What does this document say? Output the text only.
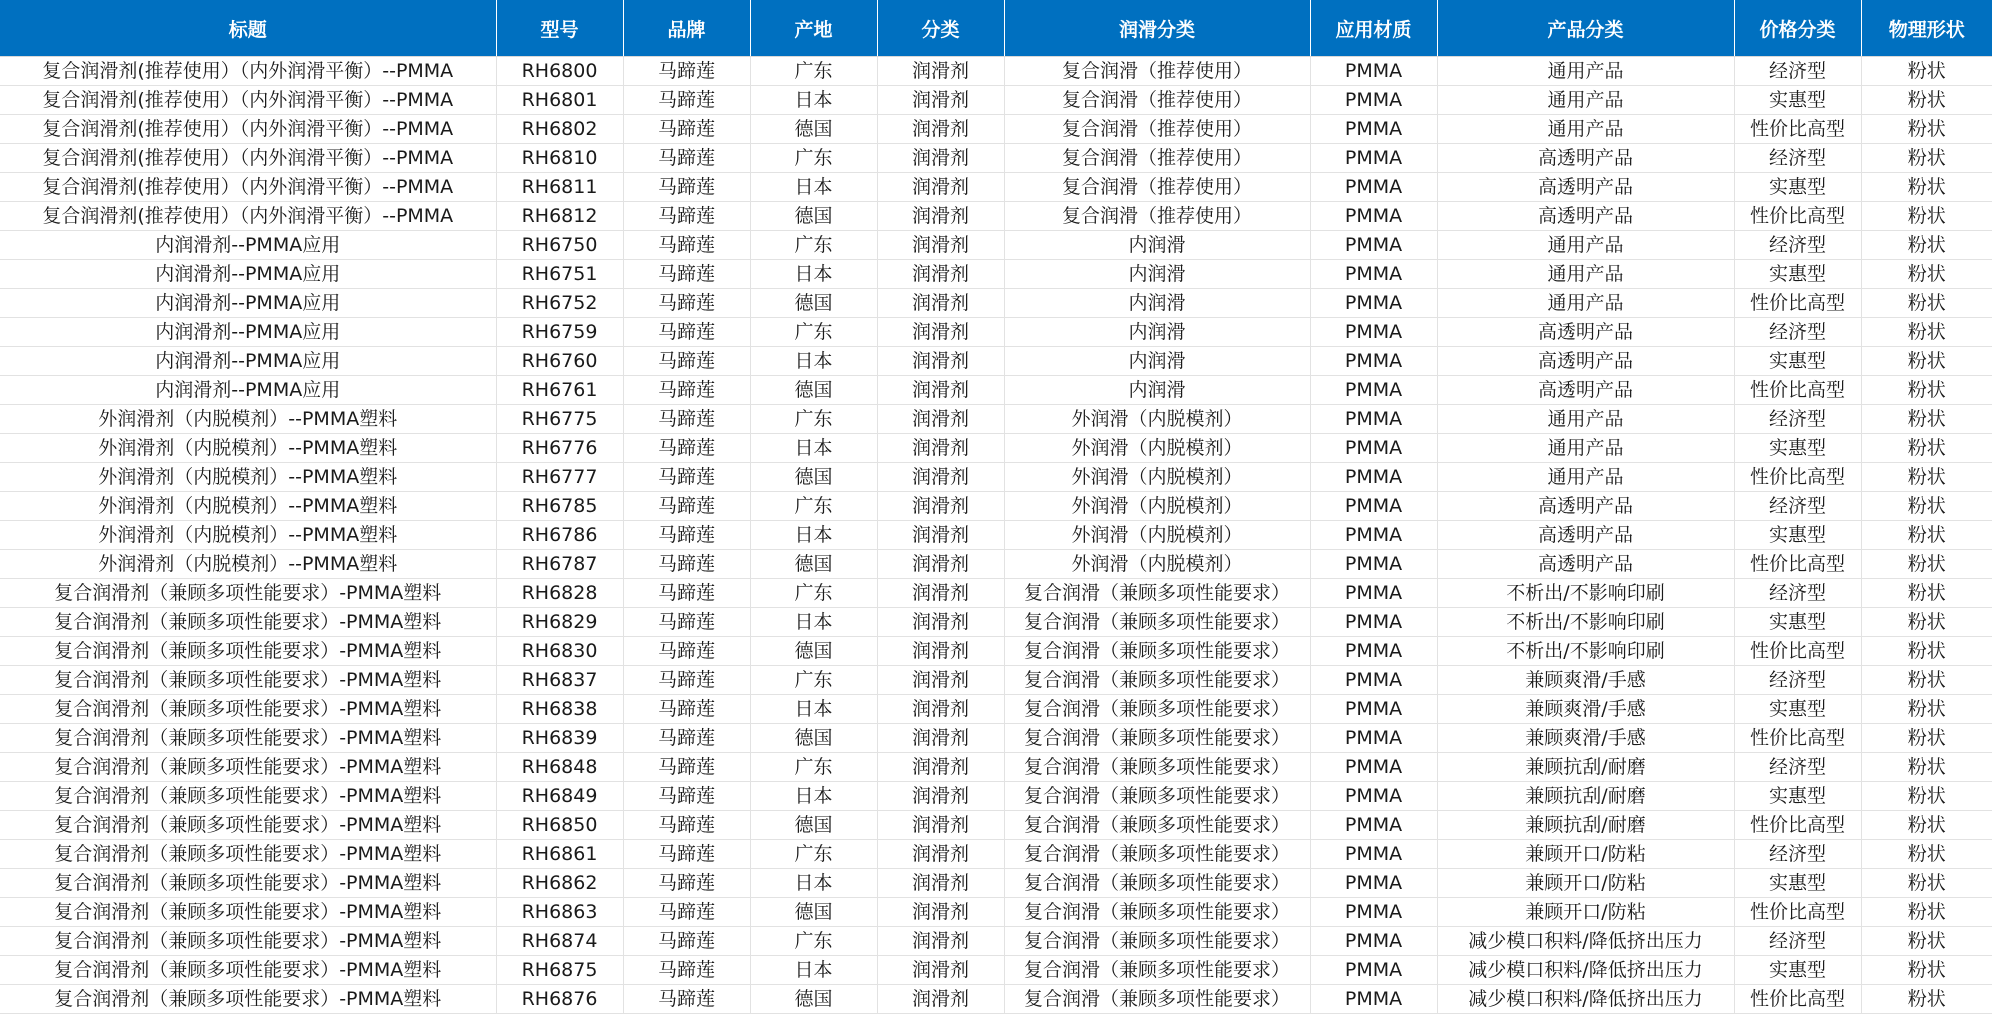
标题	型号	品牌	产地	分类	润滑分类	应用材质	产品分类	价格分类	物理形状
复合润滑剂(推荐使用）（内外润滑平衡）--PMMA	RH6800	马蹄莲	广东	润滑剂	复合润滑（推荐使用）	PMMA	通用产品	经济型	粉状
复合润滑剂(推荐使用）（内外润滑平衡）--PMMA	RH6801	马蹄莲	日本	润滑剂	复合润滑（推荐使用）	PMMA	通用产品	实惠型	粉状
复合润滑剂(推荐使用）（内外润滑平衡）--PMMA	RH6802	马蹄莲	德国	润滑剂	复合润滑（推荐使用）	PMMA	通用产品	性价比高型	粉状
复合润滑剂(推荐使用）（内外润滑平衡）--PMMA	RH6810	马蹄莲	广东	润滑剂	复合润滑（推荐使用）	PMMA	高透明产品	经济型	粉状
复合润滑剂(推荐使用）（内外润滑平衡）--PMMA	RH6811	马蹄莲	日本	润滑剂	复合润滑（推荐使用）	PMMA	高透明产品	实惠型	粉状
复合润滑剂(推荐使用）（内外润滑平衡）--PMMA	RH6812	马蹄莲	德国	润滑剂	复合润滑（推荐使用）	PMMA	高透明产品	性价比高型	粉状
内润滑剂--PMMA应用	RH6750	马蹄莲	广东	润滑剂	内润滑	PMMA	通用产品	经济型	粉状
内润滑剂--PMMA应用	RH6751	马蹄莲	日本	润滑剂	内润滑	PMMA	通用产品	实惠型	粉状
内润滑剂--PMMA应用	RH6752	马蹄莲	德国	润滑剂	内润滑	PMMA	通用产品	性价比高型	粉状
内润滑剂--PMMA应用	RH6759	马蹄莲	广东	润滑剂	内润滑	PMMA	高透明产品	经济型	粉状
内润滑剂--PMMA应用	RH6760	马蹄莲	日本	润滑剂	内润滑	PMMA	高透明产品	实惠型	粉状
内润滑剂--PMMA应用	RH6761	马蹄莲	德国	润滑剂	内润滑	PMMA	高透明产品	性价比高型	粉状
外润滑剂（内脱模剂）--PMMA塑料	RH6775	马蹄莲	广东	润滑剂	外润滑（内脱模剂）	PMMA	通用产品	经济型	粉状
外润滑剂（内脱模剂）--PMMA塑料	RH6776	马蹄莲	日本	润滑剂	外润滑（内脱模剂）	PMMA	通用产品	实惠型	粉状
外润滑剂（内脱模剂）--PMMA塑料	RH6777	马蹄莲	德国	润滑剂	外润滑（内脱模剂）	PMMA	通用产品	性价比高型	粉状
外润滑剂（内脱模剂）--PMMA塑料	RH6785	马蹄莲	广东	润滑剂	外润滑（内脱模剂）	PMMA	高透明产品	经济型	粉状
外润滑剂（内脱模剂）--PMMA塑料	RH6786	马蹄莲	日本	润滑剂	外润滑（内脱模剂）	PMMA	高透明产品	实惠型	粉状
外润滑剂（内脱模剂）--PMMA塑料	RH6787	马蹄莲	德国	润滑剂	外润滑（内脱模剂）	PMMA	高透明产品	性价比高型	粉状
复合润滑剂（兼顾多项性能要求）-PMMA塑料	RH6828	马蹄莲	广东	润滑剂	复合润滑（兼顾多项性能要求）	PMMA	不析出/不影响印刷	经济型	粉状
复合润滑剂（兼顾多项性能要求）-PMMA塑料	RH6829	马蹄莲	日本	润滑剂	复合润滑（兼顾多项性能要求）	PMMA	不析出/不影响印刷	实惠型	粉状
复合润滑剂（兼顾多项性能要求）-PMMA塑料	RH6830	马蹄莲	德国	润滑剂	复合润滑（兼顾多项性能要求）	PMMA	不析出/不影响印刷	性价比高型	粉状
复合润滑剂（兼顾多项性能要求）-PMMA塑料	RH6837	马蹄莲	广东	润滑剂	复合润滑（兼顾多项性能要求）	PMMA	兼顾爽滑/手感	经济型	粉状
复合润滑剂（兼顾多项性能要求）-PMMA塑料	RH6838	马蹄莲	日本	润滑剂	复合润滑（兼顾多项性能要求）	PMMA	兼顾爽滑/手感	实惠型	粉状
复合润滑剂（兼顾多项性能要求）-PMMA塑料	RH6839	马蹄莲	德国	润滑剂	复合润滑（兼顾多项性能要求）	PMMA	兼顾爽滑/手感	性价比高型	粉状
复合润滑剂（兼顾多项性能要求）-PMMA塑料	RH6848	马蹄莲	广东	润滑剂	复合润滑（兼顾多项性能要求）	PMMA	兼顾抗刮/耐磨	经济型	粉状
复合润滑剂（兼顾多项性能要求）-PMMA塑料	RH6849	马蹄莲	日本	润滑剂	复合润滑（兼顾多项性能要求）	PMMA	兼顾抗刮/耐磨	实惠型	粉状
复合润滑剂（兼顾多项性能要求）-PMMA塑料	RH6850	马蹄莲	德国	润滑剂	复合润滑（兼顾多项性能要求）	PMMA	兼顾抗刮/耐磨	性价比高型	粉状
复合润滑剂（兼顾多项性能要求）-PMMA塑料	RH6861	马蹄莲	广东	润滑剂	复合润滑（兼顾多项性能要求）	PMMA	兼顾开口/防粘	经济型	粉状
复合润滑剂（兼顾多项性能要求）-PMMA塑料	RH6862	马蹄莲	日本	润滑剂	复合润滑（兼顾多项性能要求）	PMMA	兼顾开口/防粘	实惠型	粉状
复合润滑剂（兼顾多项性能要求）-PMMA塑料	RH6863	马蹄莲	德国	润滑剂	复合润滑（兼顾多项性能要求）	PMMA	兼顾开口/防粘	性价比高型	粉状
复合润滑剂（兼顾多项性能要求）-PMMA塑料	RH6874	马蹄莲	广东	润滑剂	复合润滑（兼顾多项性能要求）	PMMA	减少模口积料/降低挤出压力	经济型	粉状
复合润滑剂（兼顾多项性能要求）-PMMA塑料	RH6875	马蹄莲	日本	润滑剂	复合润滑（兼顾多项性能要求）	PMMA	减少模口积料/降低挤出压力	实惠型	粉状
复合润滑剂（兼顾多项性能要求）-PMMA塑料	RH6876	马蹄莲	德国	润滑剂	复合润滑（兼顾多项性能要求）	PMMA	减少模口积料/降低挤出压力	性价比高型	粉状
